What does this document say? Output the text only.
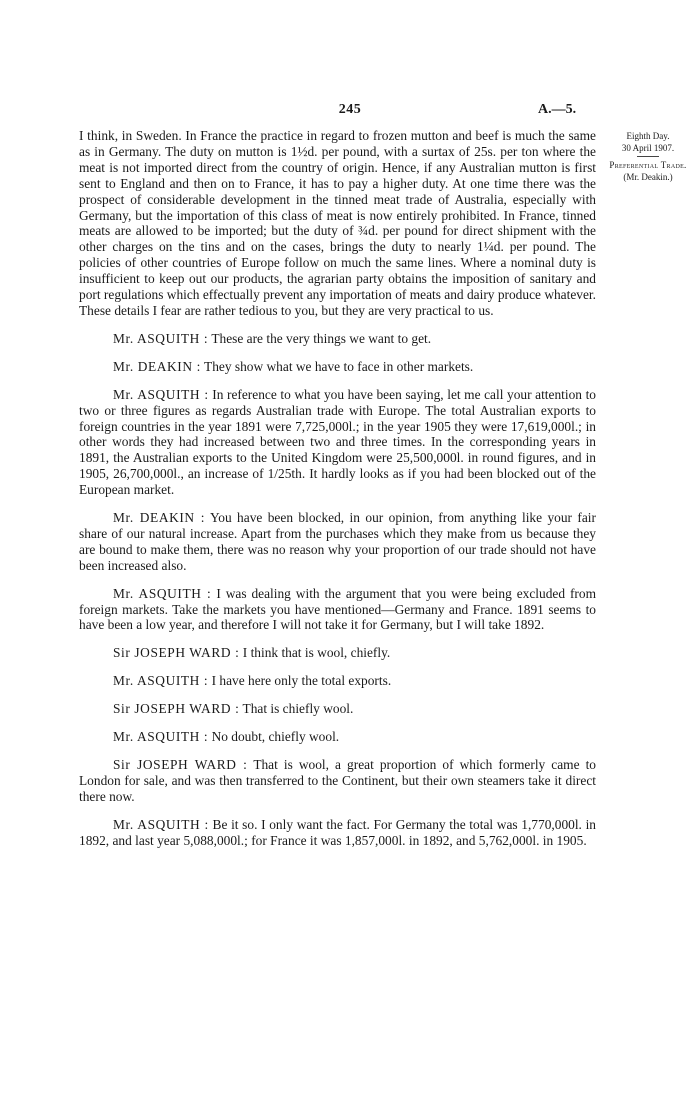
245	A.—5.
Eighth Day.
30 April 1907.
Preferential Trade.
(Mr. Deakin.)

I think, in Sweden. In France the practice in regard to frozen mutton and beef is much the same as in Germany. The duty on mutton is 1½d. per pound, with a surtax of 25s. per ton where the meat is not imported direct from the country of origin. Hence, if any Australian mutton is first sent to England and then on to France, it has to pay a higher duty. At one time there was the prospect of considerable development in the tinned meat trade of Australia, especially with Germany, but the importation of this class of meat is now entirely prohibited. In France, tinned meats are allowed to be imported; but the duty of ¾d. per pound for direct shipment with the other charges on the tins and on the cases, brings the duty to nearly 1¼d. per pound. The policies of other countries of Europe follow on much the same lines. Where a nominal duty is insufficient to keep out our products, the agrarian party obtains the imposition of sanitary and port regulations which effectually prevent any importation of meats and dairy produce whatever. These details I fear are rather tedious to you, but they are very practical to us.

Mr. ASQUITH : These are the very things we want to get.

Mr. DEAKIN : They show what we have to face in other markets.

Mr. ASQUITH : In reference to what you have been saying, let me call your attention to two or three figures as regards Australian trade with Europe. The total Australian exports to foreign countries in the year 1891 were 7,725,000l.; in the year 1905 they were 17,619,000l.; in other words they had increased between two and three times. In the corresponding years in 1891, the Australian exports to the United Kingdom were 25,500,000l. in round figures, and in 1905, 26,700,000l., an increase of 1/25th. It hardly looks as if you had been blocked out of the European market.

Mr. DEAKIN : You have been blocked, in our opinion, from anything like your fair share of our natural increase. Apart from the purchases which they make from us because they are bound to make them, there was no reason why your proportion of our trade should not have been increased also.

Mr. ASQUITH : I was dealing with the argument that you were being excluded from foreign markets. Take the markets you have mentioned—Germany and France. 1891 seems to have been a low year, and therefore I will not take it for Germany, but I will take 1892.

Sir JOSEPH WARD : I think that is wool, chiefly.

Mr. ASQUITH : I have here only the total exports.

Sir JOSEPH WARD : That is chiefly wool.

Mr. ASQUITH : No doubt, chiefly wool.

Sir JOSEPH WARD : That is wool, a great proportion of which formerly came to London for sale, and was then transferred to the Continent, but their own steamers take it direct there now.

Mr. ASQUITH : Be it so. I only want the fact. For Germany the total was 1,770,000l. in 1892, and last year 5,088,000l.; for France it was 1,857,000l. in 1892, and 5,762,000l. in 1905.
